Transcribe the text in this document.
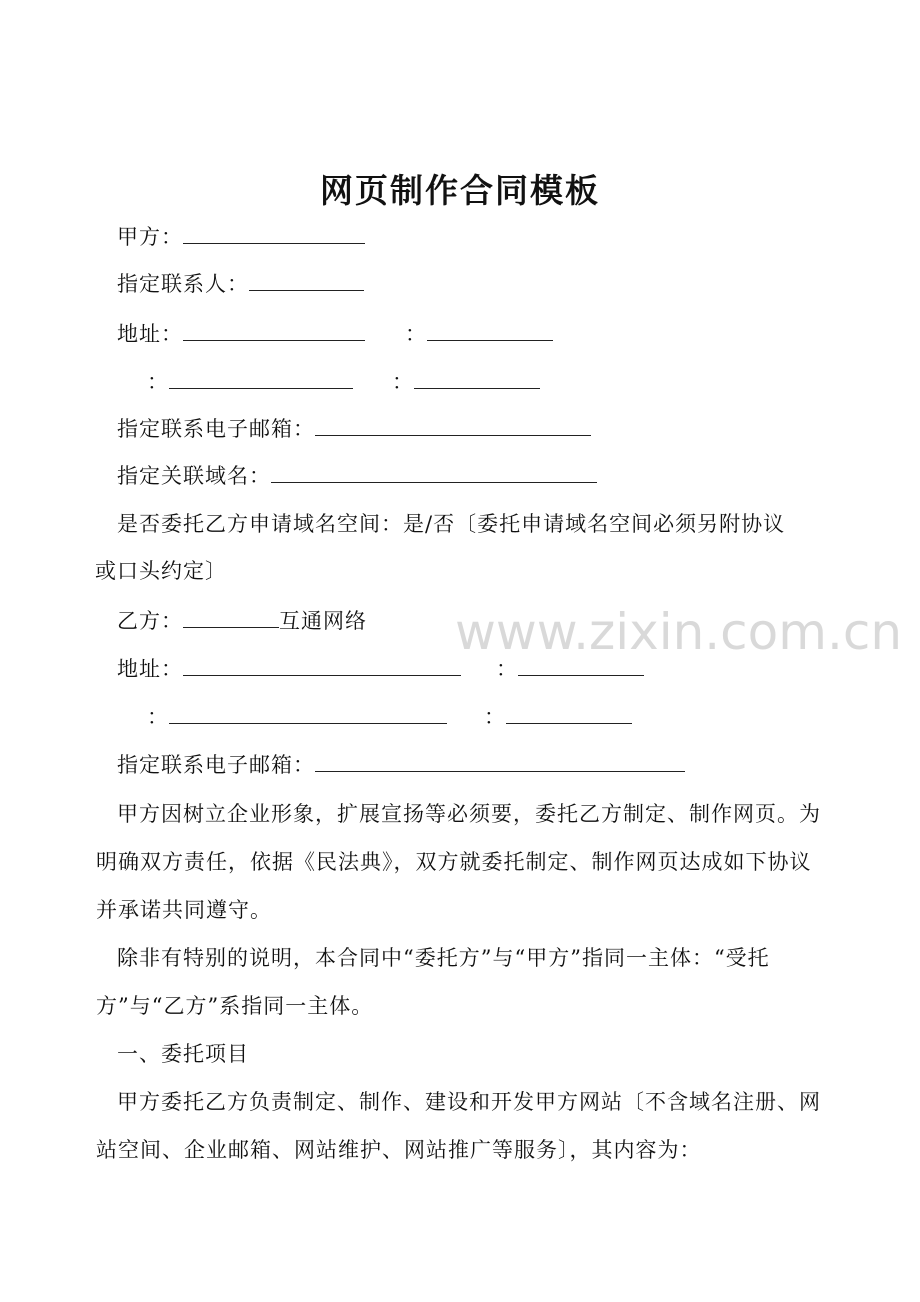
网页制作合同模板
甲方：
指定联系人：
地址：	：
：	：
指定联系电子邮箱：
指定关联域名：
是否委托乙方申请域名空间：是/否〔委托申请域名空间必须另附协议
或口头约定〕
乙方：	互通网络
地址：	：
：	：
指定联系电子邮箱：
甲方因树立企业形象，扩展宣扬等必须要，委托乙方制定、制作网页。为明确双方责任，依据《民法典》，双方就委托制定、制作网页达成如下协议并承诺共同遵守。
除非有特别的说明，本合同中“委托方”与“甲方”指同一主体：“受托方”与“乙方”系指同一主体。
一、委托项目
甲方委托乙方负责制定、制作、建设和开发甲方网站〔不含域名注册、网站空间、企业邮箱、网站维护、网站推广等服务〕，其内容为：
www.zixin.com.cn
